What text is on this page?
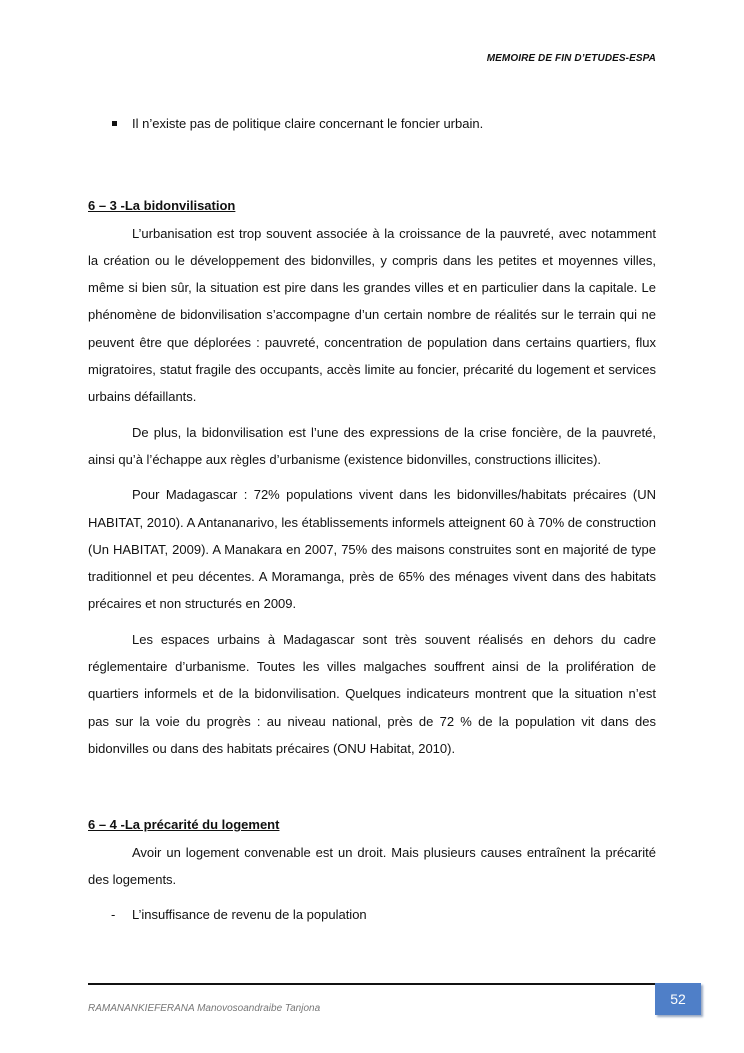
MEMOIRE DE FIN D’ETUDES-ESPA
Il n’existe pas de politique claire concernant le foncier urbain.

6 – 3 -La bidonvilisation

L’urbanisation est trop souvent associée à la croissance de la pauvreté, avec notamment la création ou le développement des bidonvilles, y compris dans les petites et moyennes villes, même si bien sûr, la situation est pire dans les grandes villes et en particulier dans la capitale. Le phénomène de bidonvilisation s’accompagne d’un certain nombre de réalités sur le terrain qui ne peuvent être que déplorées : pauvreté, concentration de population dans certains quartiers, flux migratoires, statut fragile des occupants, accès limite au foncier, précarité du logement et services urbains défaillants.

De plus, la bidonvilisation est l’une des expressions de la crise foncière, de la pauvreté, ainsi qu’à l’échappe aux règles d’urbanisme (existence bidonvilles, constructions illicites).

Pour Madagascar : 72% populations vivent dans les bidonvilles/habitats précaires (UN HABITAT, 2010). A Antananarivo, les établissements informels atteignent 60 à 70% de construction (Un HABITAT, 2009). A Manakara en 2007, 75% des maisons construites sont en majorité de type traditionnel et peu décentes. A Moramanga, près de 65% des ménages vivent dans des habitats précaires et non structurés en 2009.

Les espaces urbains à Madagascar sont très souvent réalisés en dehors du cadre réglementaire d’urbanisme. Toutes les villes malgaches souffrent ainsi de la prolifération de quartiers informels et de la bidonvilisation. Quelques indicateurs montrent que la situation n’est pas sur la voie du progrès : au niveau national, près de 72 % de la population vit dans des bidonvilles ou dans des habitats précaires (ONU Habitat, 2010).

6 – 4 -La précarité du logement

Avoir un logement convenable est un droit. Mais plusieurs causes entraînent la précarité des logements.

- L’insuffisance de revenu de la population
RAMANANKIEFERANA Manovosoandraibe Tanjona
52
